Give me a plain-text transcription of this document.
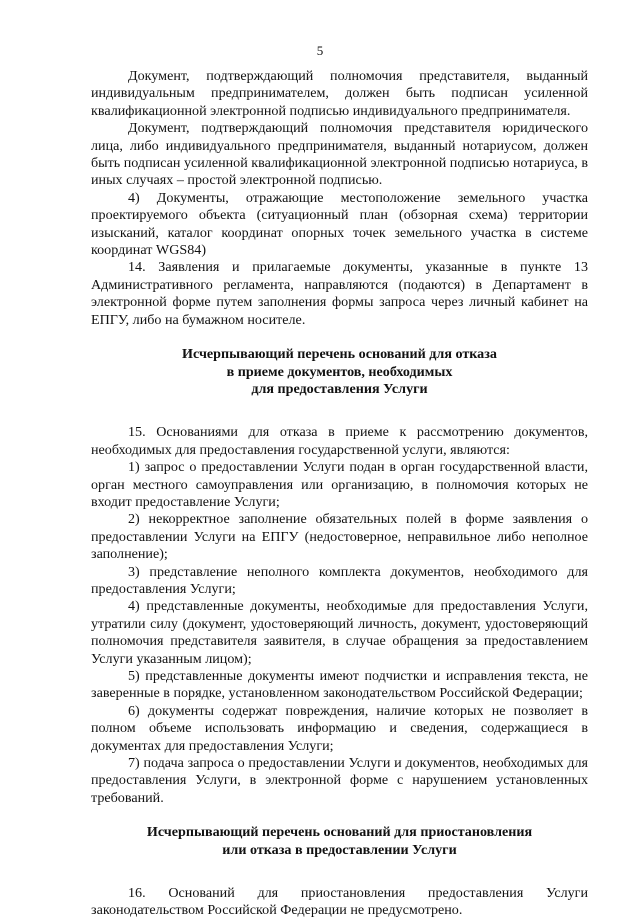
5

Документ, подтверждающий полномочия представителя, выданный индивидуальным предпринимателем, должен быть подписан усиленной квалификационной электронной подписью индивидуального предпринимателя.

Документ, подтверждающий полномочия представителя юридического лица, либо индивидуального предпринимателя, выданный нотариусом, должен быть подписан усиленной квалификационной электронной подписью нотариуса, в иных случаях – простой электронной подписью.

4) Документы, отражающие местоположение земельного участка проектируемого объекта (ситуационный план (обзорная схема) территории изысканий, каталог координат опорных точек земельного участка в системе координат WGS84)

14. Заявления и прилагаемые документы, указанные в пункте 13 Административного регламента, направляются (подаются) в Департамент в электронной форме путем заполнения формы запроса через личный кабинет на ЕПГУ, либо на бумажном носителе.

Исчерпывающий перечень оснований для отказа
в приеме документов, необходимых
для предоставления Услуги

15. Основаниями для отказа в приеме к рассмотрению документов, необходимых для предоставления государственной услуги, являются:

1) запрос о предоставлении Услуги подан в орган государственной власти, орган местного самоуправления или организацию, в полномочия которых не входит предоставление Услуги;

2) некорректное заполнение обязательных полей в форме заявления о предоставлении Услуги на ЕПГУ (недостоверное, неправильное либо неполное заполнение);

3) представление неполного комплекта документов, необходимого для предоставления Услуги;

4) представленные документы, необходимые для предоставления Услуги, утратили силу (документ, удостоверяющий личность, документ, удостоверяющий полномочия представителя заявителя, в случае обращения за предоставлением Услуги указанным лицом);

5) представленные документы имеют подчистки и исправления текста, не заверенные в порядке, установленном законодательством Российской Федерации;

6) документы содержат повреждения, наличие которых не позволяет в полном объеме использовать информацию и сведения, содержащиеся в документах для предоставления Услуги;

7) подача запроса о предоставлении Услуги и документов, необходимых для предоставления Услуги, в электронной форме с нарушением установленных требований.

Исчерпывающий перечень оснований для приостановления
или отказа в предоставлении Услуги

16. Оснований для приостановления предоставления Услуги законодательством Российской Федерации не предусмотрено.
